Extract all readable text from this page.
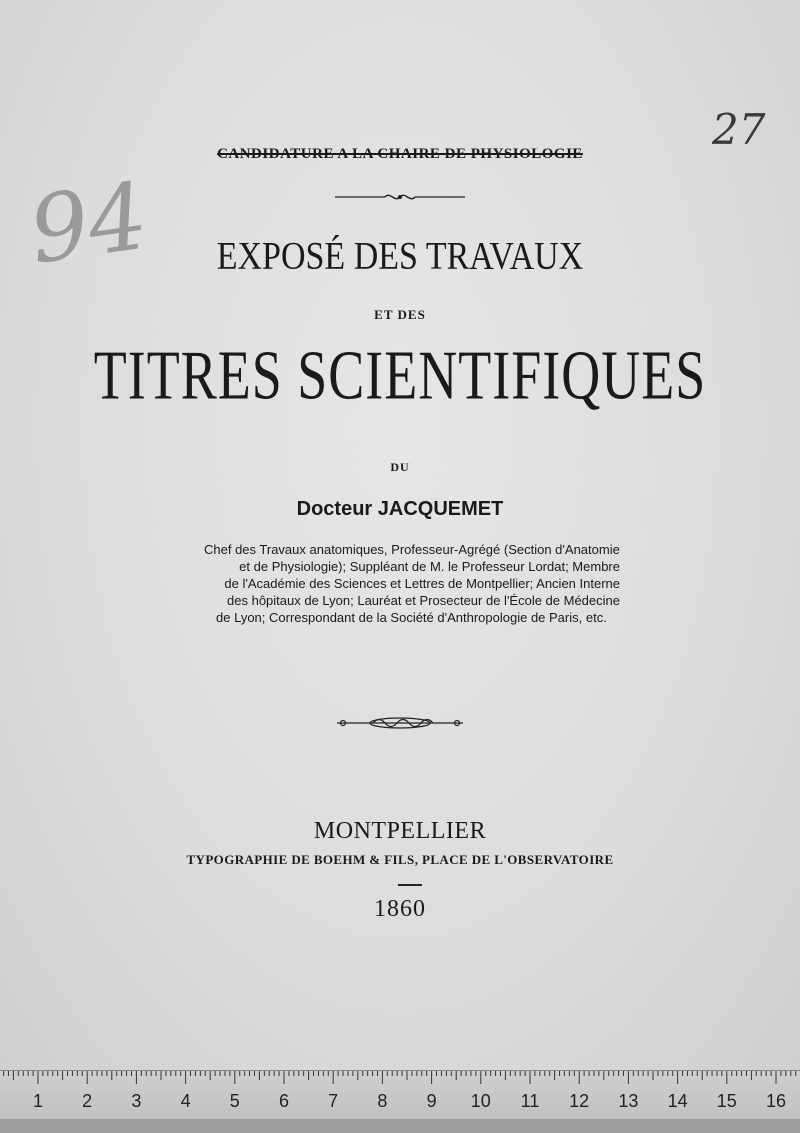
94
27
CANDIDATURE A LA CHAIRE DE PHYSIOLOGIE
EXPOSÉ DES TRAVAUX
ET DES
TITRES SCIENTIFIQUES
DU
Docteur JACQUEMET
Chef des Travaux anatomiques, Professeur-Agrégé (Section d'Anatomie
et de Physiologie); Suppléant de M. le Professeur Lordat; Membre
de l'Académie des Sciences et Lettres de Montpellier; Ancien Interne
des hôpitaux de Lyon; Lauréat et Prosecteur de l'École de Médecine
de Lyon; Correspondant de la Société d'Anthropologie de Paris, etc.
MONTPELLIER
TYPOGRAPHIE DE BOEHM & FILS, PLACE DE L'OBSERVATOIRE
1860
1 2 3 4 5 6 7 8 9 10 11 12 13 14 15 16
